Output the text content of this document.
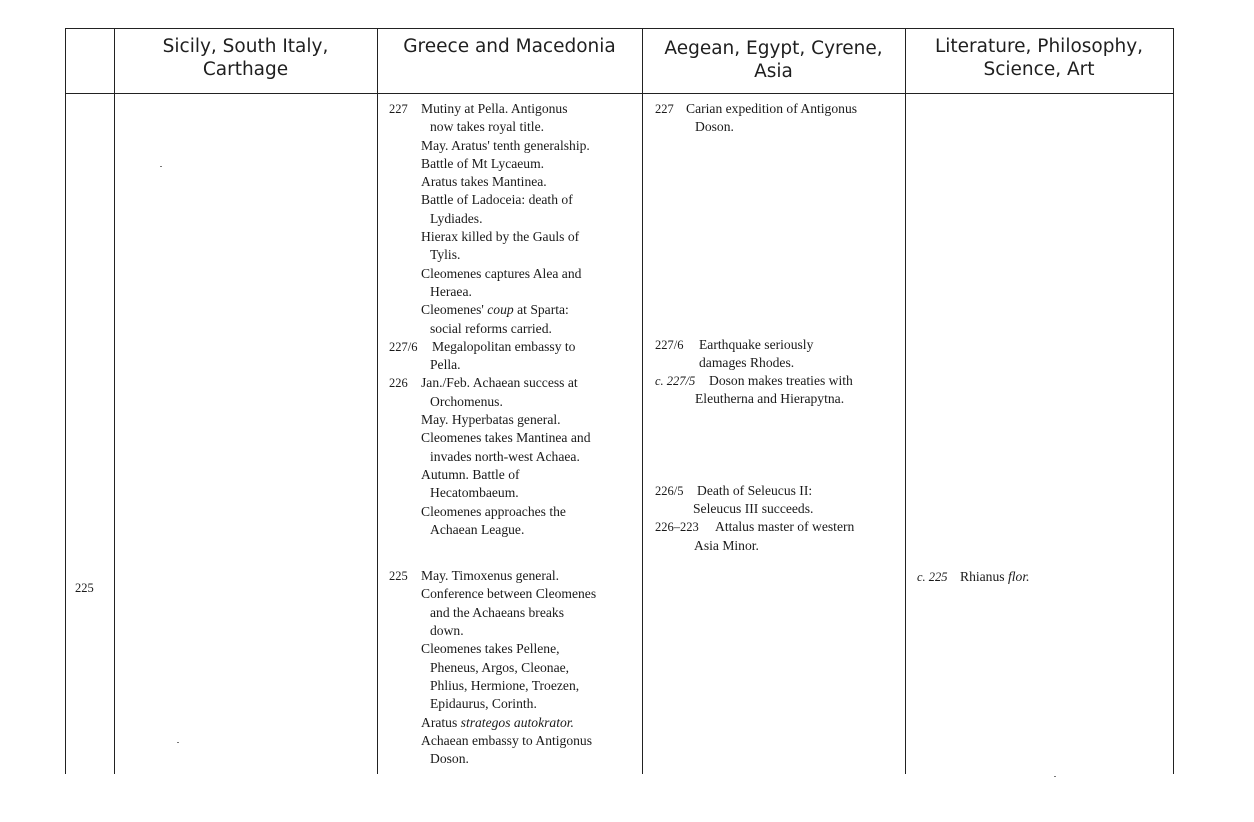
Sicily, South Italy,
Carthage
Greece and Macedonia	Aegean, Egypt, Cyrene,
Asia
Literature, Philosophy,
Science, Art
225
227 Mutiny at Pella. Antigonus
now takes royal title.
May. Aratus' tenth generalship.
Battle of Mt Lycaeum.
Aratus takes Mantinea.
Battle of Ladoceia: death of
Lydiades.
Hierax killed by the Gauls of
Tylis.
Cleomenes captures Alea and
Heraea.
Cleomenes' coup at Sparta:
social reforms carried.
227/6 Megalopolitan embassy to
Pella.
226 Jan./Feb. Achaean success at
Orchomenus.
May. Hyperbatas general.
Cleomenes takes Mantinea and
invades north-west Achaea.
Autumn. Battle of
Hecatombaeum.
Cleomenes approaches the
Achaean League.
225 May. Timoxenus general.
Conference between Cleomenes
and the Achaeans breaks
down.
Cleomenes takes Pellene,
Pheneus, Argos, Cleonae,
Phlius, Hermione, Troezen,
Epidaurus, Corinth.
Aratus strategos autokrator.
Achaean embassy to Antigonus
Doson.
227 Carian expedition of Antigonus
Doson.
227/6 Earthquake seriously
damages Rhodes.
c. 227/5 Doson makes treaties with
Eleutherna and Hierapytna.
226/5 Death of Seleucus II:
Seleucus III succeeds.
226–223 Attalus master of western
Asia Minor.
c. 225 Rhianus flor.
